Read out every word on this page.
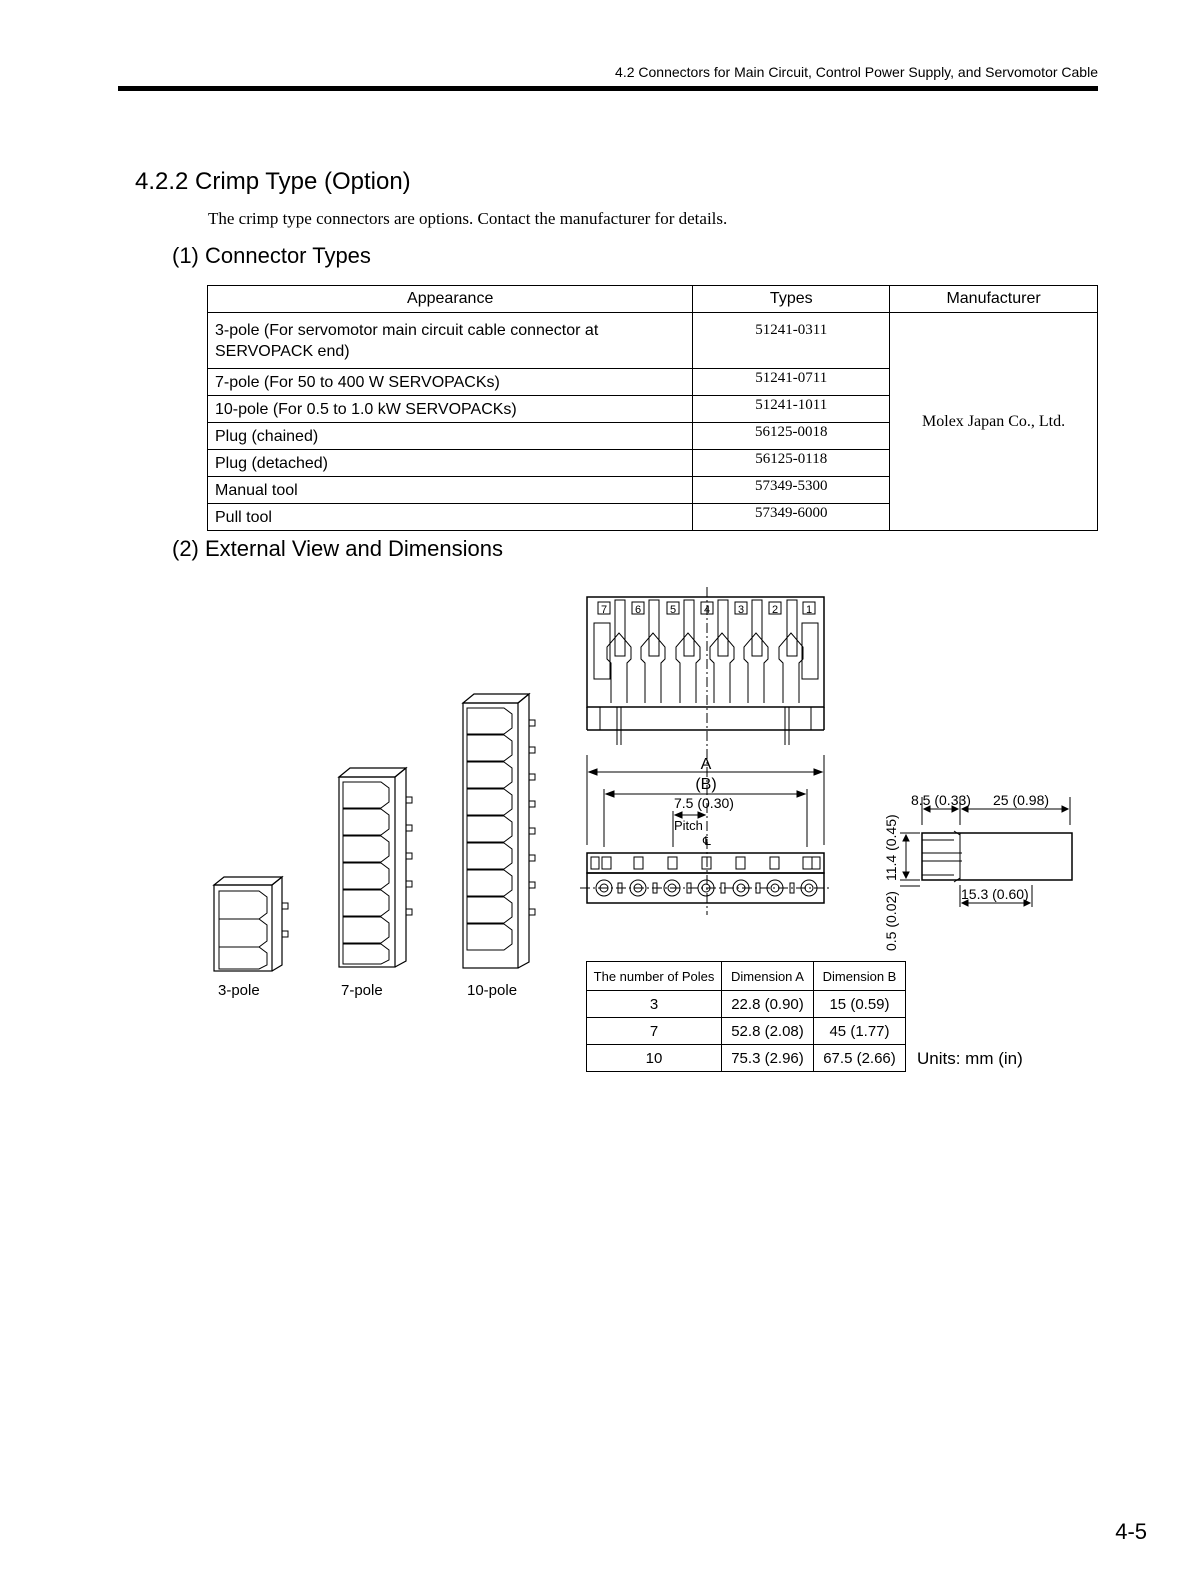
4.2 Connectors for Main Circuit, Control Power Supply, and Servomotor Cable
4.2.2 Crimp Type (Option)
The crimp type connectors are options. Contact the manufacturer for details.
(1) Connector Types
Appearance	Types	Manufacturer
3-pole (For servomotor main circuit cable connector at SERVOPACK end)	51241-0311	Molex Japan Co., Ltd.
7-pole (For 50 to 400 W SERVOPACKs)	51241-0711	
10-pole (For 0.5 to 1.0 kW SERVOPACKs)	51241-1011	
Plug (chained)	56125-0018	
Plug (detached)	56125-0118	
Manual tool	57349-5300	
Pull tool	57349-6000	
(2) External View and Dimensions
3-pole	7-pole	10-pole
7	6	5	4	3	2	1
A
(B)
7.5 (0.30)
Pitch
℄
8.5 (0.33) 25 (0.98)
11.4 (0.45)
0.5 (0.02)	15.3 (0.60)
The number of Poles	Dimension A	Dimension B
3	22.8 (0.90)	15 (0.59)
7	52.8 (2.08)	45 (1.77)
10	75.3 (2.96)	67.5 (2.66) Units: mm (in)
4-5
